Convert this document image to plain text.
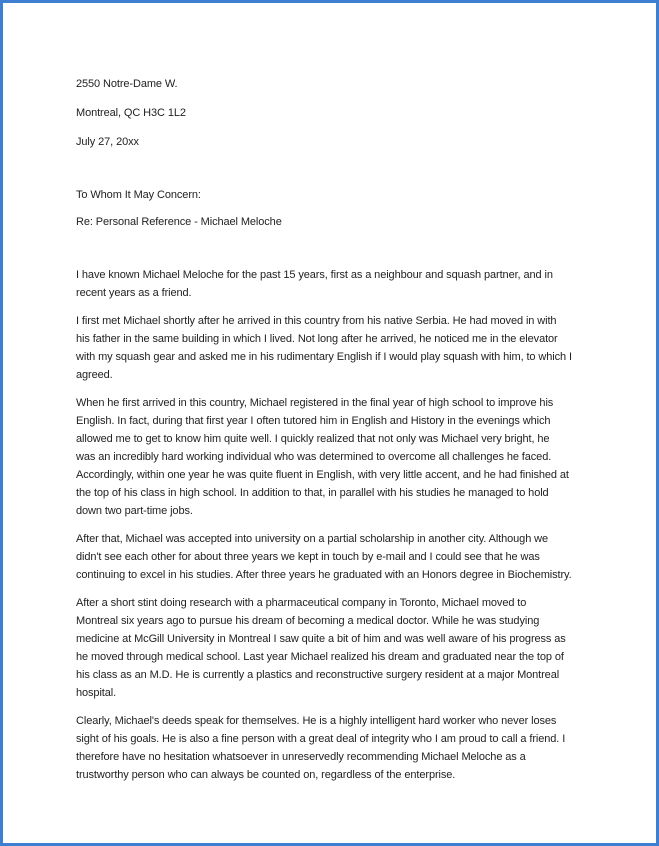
2550 Notre-Dame W.
Montreal, QC H3C 1L2
July 27, 20xx
To Whom It May Concern:
Re: Personal Reference - Michael Meloche

I have known Michael Meloche for the past 15 years, first as a neighbour and squash partner, and in
recent years as a friend.

I first met Michael shortly after he arrived in this country from his native Serbia. He had moved in with
his father in the same building in which I lived. Not long after he arrived, he noticed me in the elevator
with my squash gear and asked me in his rudimentary English if I would play squash with him, to which I
agreed.

When he first arrived in this country, Michael registered in the final year of high school to improve his
English. In fact, during that first year I often tutored him in English and History in the evenings which
allowed me to get to know him quite well. I quickly realized that not only was Michael very bright, he
was an incredibly hard working individual who was determined to overcome all challenges he faced.
Accordingly, within one year he was quite fluent in English, with very little accent, and he had finished at
the top of his class in high school. In addition to that, in parallel with his studies he managed to hold
down two part-time jobs.

After that, Michael was accepted into university on a partial scholarship in another city. Although we
didn't see each other for about three years we kept in touch by e-mail and I could see that he was
continuing to excel in his studies. After three years he graduated with an Honors degree in Biochemistry.

After a short stint doing research with a pharmaceutical company in Toronto, Michael moved to
Montreal six years ago to pursue his dream of becoming a medical doctor. While he was studying
medicine at McGill University in Montreal I saw quite a bit of him and was well aware of his progress as
he moved through medical school. Last year Michael realized his dream and graduated near the top of
his class as an M.D. He is currently a plastics and reconstructive surgery resident at a major Montreal
hospital.

Clearly, Michael's deeds speak for themselves. He is a highly intelligent hard worker who never loses
sight of his goals. He is also a fine person with a great deal of integrity who I am proud to call a friend. I
therefore have no hesitation whatsoever in unreservedly recommending Michael Meloche as a
trustworthy person who can always be counted on, regardless of the enterprise.
